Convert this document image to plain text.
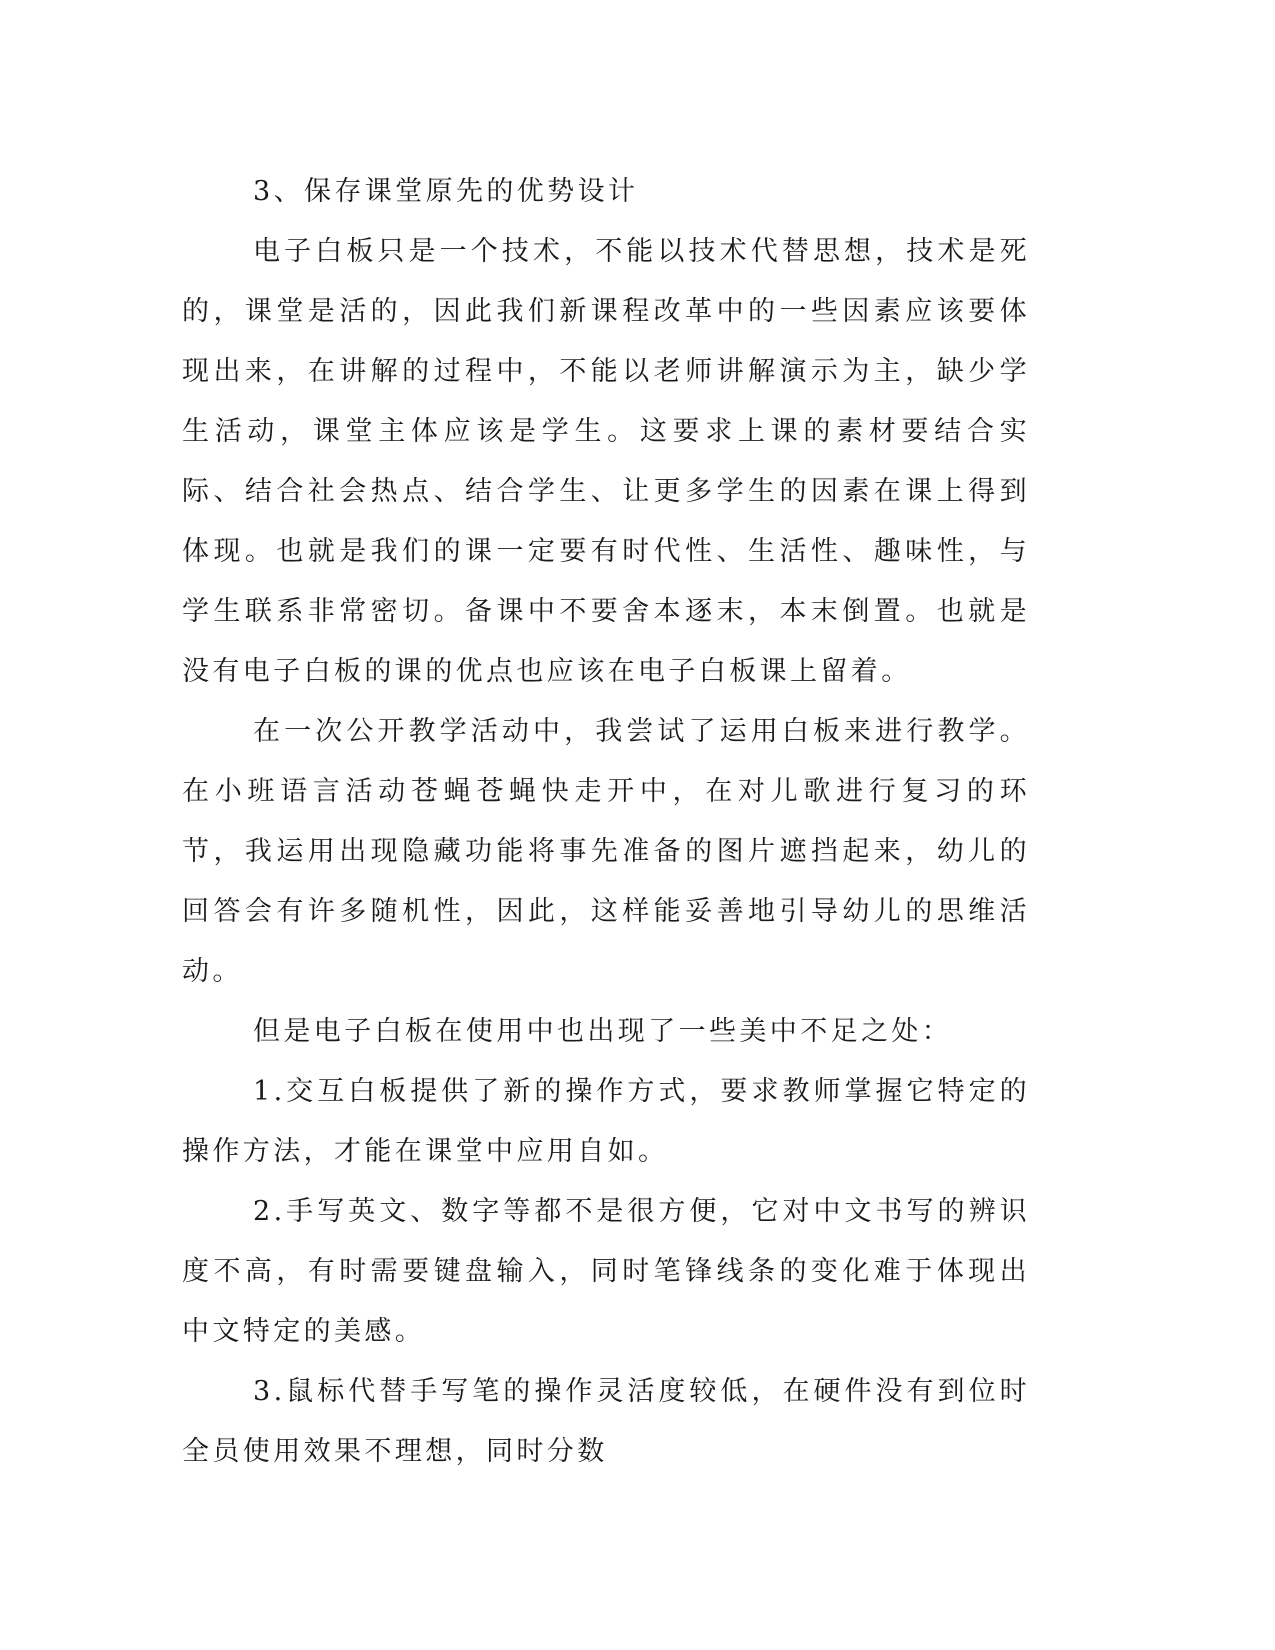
3、保存课堂原先的优势设计

电子白板只是一个技术，不能以技术代替思想，技术是死的，课堂是活的，因此我们新课程改革中的一些因素应该要体现出来，在讲解的过程中，不能以老师讲解演示为主，缺少学生活动，课堂主体应该是学生。这要求上课的素材要结合实际、结合社会热点、结合学生、让更多学生的因素在课上得到体现。也就是我们的课一定要有时代性、生活性、趣味性，与学生联系非常密切。备课中不要舍本逐末，本末倒置。也就是没有电子白板的课的优点也应该在电子白板课上留着。

在一次公开教学活动中，我尝试了运用白板来进行教学。在小班语言活动苍蝇苍蝇快走开中，在对儿歌进行复习的环节，我运用出现隐藏功能将事先准备的图片遮挡起来，幼儿的回答会有许多随机性，因此，这样能妥善地引导幼儿的思维活动。

但是电子白板在使用中也出现了一些美中不足之处：

1.交互白板提供了新的操作方式，要求教师掌握它特定的操作方法，才能在课堂中应用自如。

2.手写英文、数字等都不是很方便，它对中文书写的辨识度不高，有时需要键盘输入，同时笔锋线条的变化难于体现出中文特定的美感。

3.鼠标代替手写笔的操作灵活度较低，在硬件没有到位时全员使用效果不理想，同时分数
